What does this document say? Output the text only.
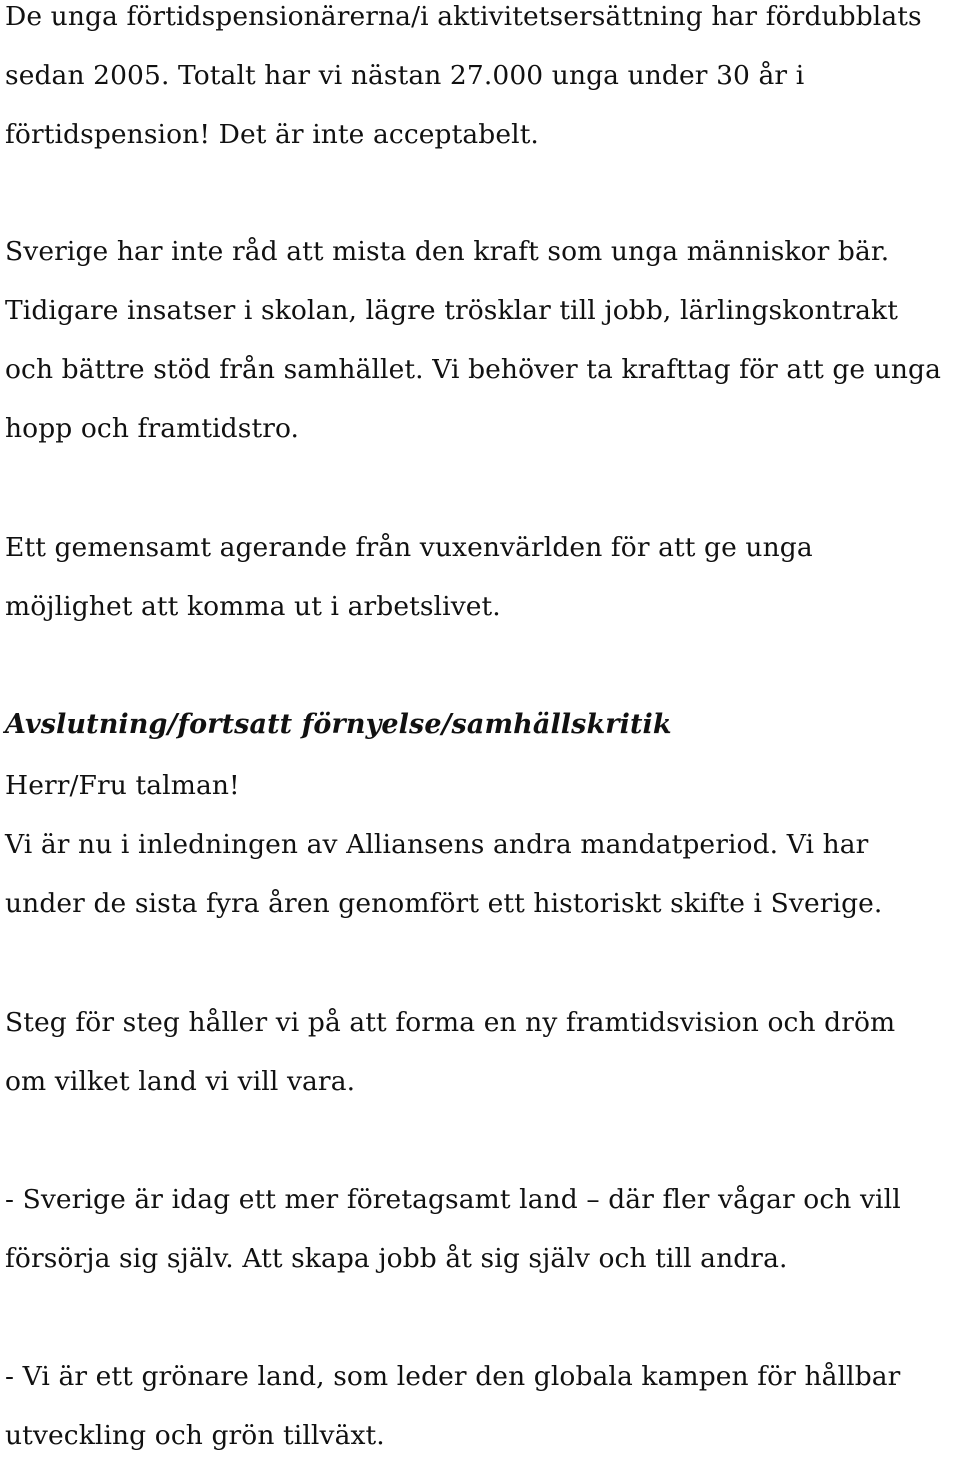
De unga förtidspensionärerna/i aktivitetsersättning har fördubblats
sedan 2005. Totalt har vi nästan 27.000 unga under 30 år i
förtidspension! Det är inte acceptabelt.
Sverige har inte råd att mista den kraft som unga människor bär.
Tidigare insatser i skolan, lägre trösklar till jobb, lärlingskontrakt
och bättre stöd från samhället. Vi behöver ta krafttag för att ge unga
hopp och framtidstro.
Ett gemensamt agerande från vuxenvärlden för att ge unga
möjlighet att komma ut i arbetslivet.
Avslutning/fortsatt förnyelse/samhällskritik
Herr/Fru talman!
Vi är nu i inledningen av Alliansens andra mandatperiod. Vi har
under de sista fyra åren genomfört ett historiskt skifte i Sverige.
Steg för steg håller vi på att forma en ny framtidsvision och dröm
om vilket land vi vill vara.
- Sverige är idag ett mer företagsamt land – där fler vågar och vill
försörja sig själv. Att skapa jobb åt sig själv och till andra.
- Vi är ett grönare land, som leder den globala kampen för hållbar
utveckling och grön tillväxt.
